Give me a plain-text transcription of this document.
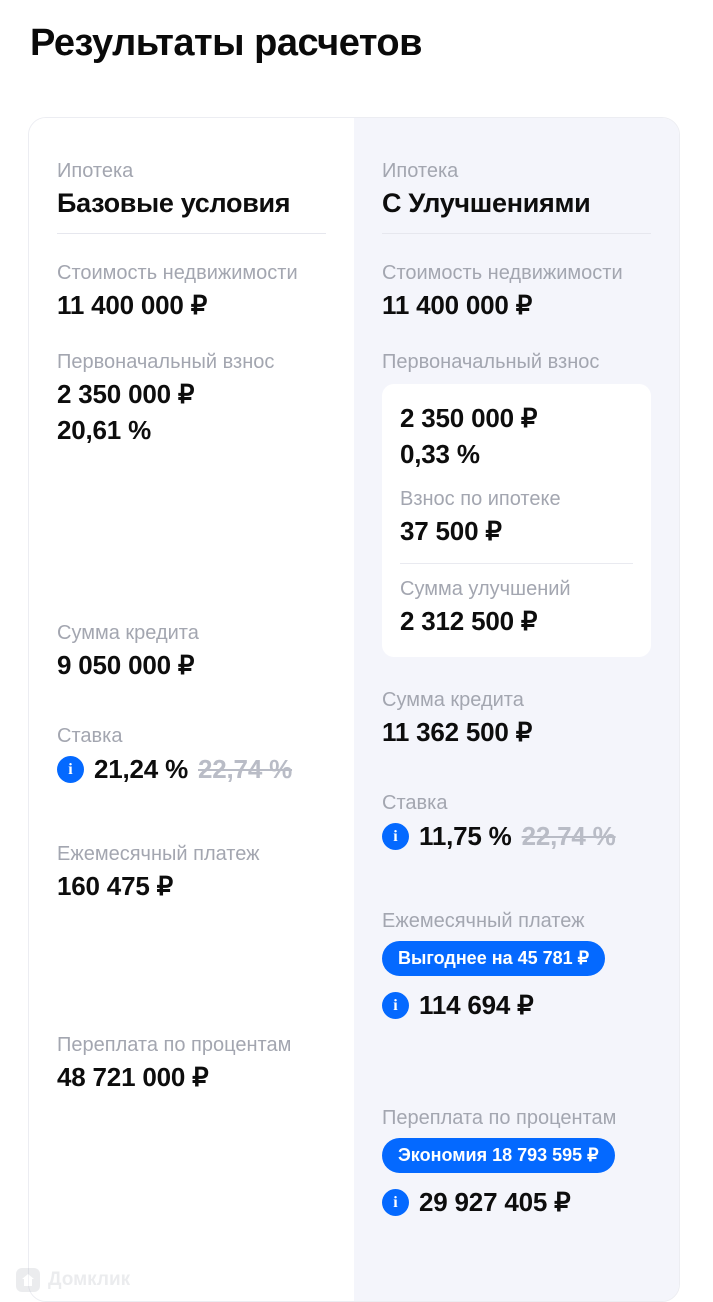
Результаты расчетов
Ипотека
Базовые условия
Стоимость недвижимости
11 400 000 ₽
Первоначальный взнос
2 350 000 ₽
20,61 %
Сумма кредита
9 050 000 ₽
Ставка
i 21,24 % 22,74 %
Ежемесячный платеж
160 475 ₽
Переплата по процентам
48 721 000 ₽
Ипотека
С Улучшениями
Стоимость недвижимости
11 400 000 ₽
Первоначальный взнос
2 350 000 ₽
0,33 %
Взнос по ипотеке
37 500 ₽
Сумма улучшений
2 312 500 ₽
Сумма кредита
11 362 500 ₽
Ставка
i 11,75 % 22,74 %
Ежемесячный платеж
Выгоднее на 45 781 ₽
i 114 694 ₽
Переплата по процентам
Экономия 18 793 595 ₽
i 29 927 405 ₽
Домклик
